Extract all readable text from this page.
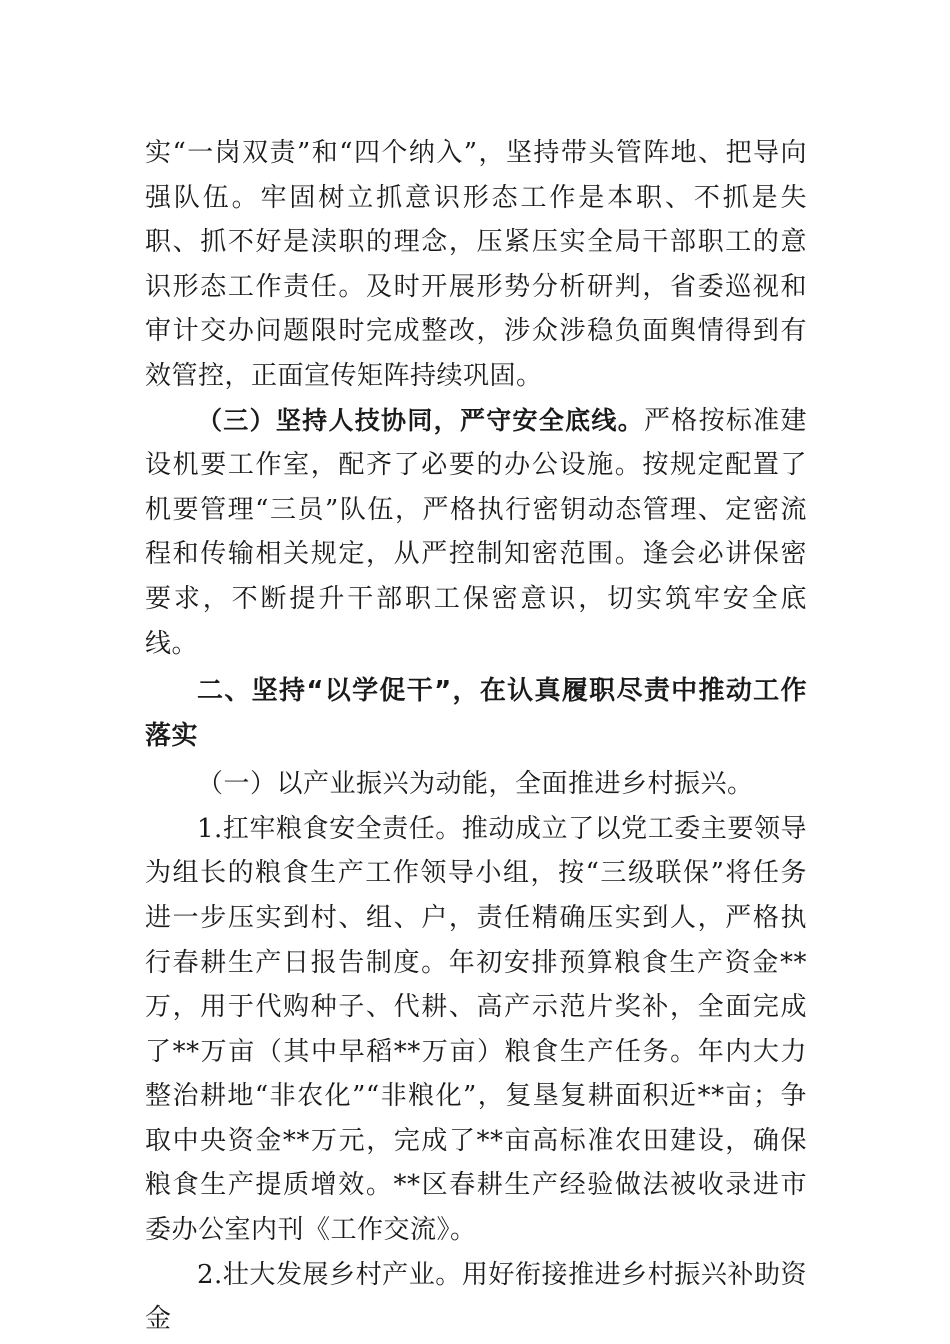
实“一岗双责”和“四个纳入”，坚持带头管阵地、把导向强队伍。牢固树立抓意识形态工作是本职、不抓是失职、抓不好是渎职的理念，压紧压实全局干部职工的意识形态工作责任。及时开展形势分析研判，省委巡视和审计交办问题限时完成整改，涉众涉稳负面舆情得到有效管控，正面宣传矩阵持续巩固。

（三）坚持人技协同，严守安全底线。严格按标准建设机要工作室，配齐了必要的办公设施。按规定配置了机要管理“三员”队伍，严格执行密钥动态管理、定密流程和传输相关规定，从严控制知密范围。逢会必讲保密要求，不断提升干部职工保密意识，切实筑牢安全底线。

二、坚持“以学促干”，在认真履职尽责中推动工作落实

（一）以产业振兴为动能，全面推进乡村振兴。

1.扛牢粮食安全责任。推动成立了以党工委主要领导为组长的粮食生产工作领导小组，按“三级联保”将任务进一步压实到村、组、户，责任精确压实到人，严格执行春耕生产日报告制度。年初安排预算粮食生产资金**万，用于代购种子、代耕、高产示范片奖补，全面完成了**万亩（其中早稻**万亩）粮食生产任务。年内大力整治耕地“非农化”“非粮化”，复垦复耕面积近**亩；争取中央资金**万元，完成了**亩高标准农田建设，确保粮食生产提质增效。**区春耕生产经验做法被收录进市委办公室内刊《工作交流》。

2.壮大发展乡村产业。用好衔接推进乡村振兴补助资金
